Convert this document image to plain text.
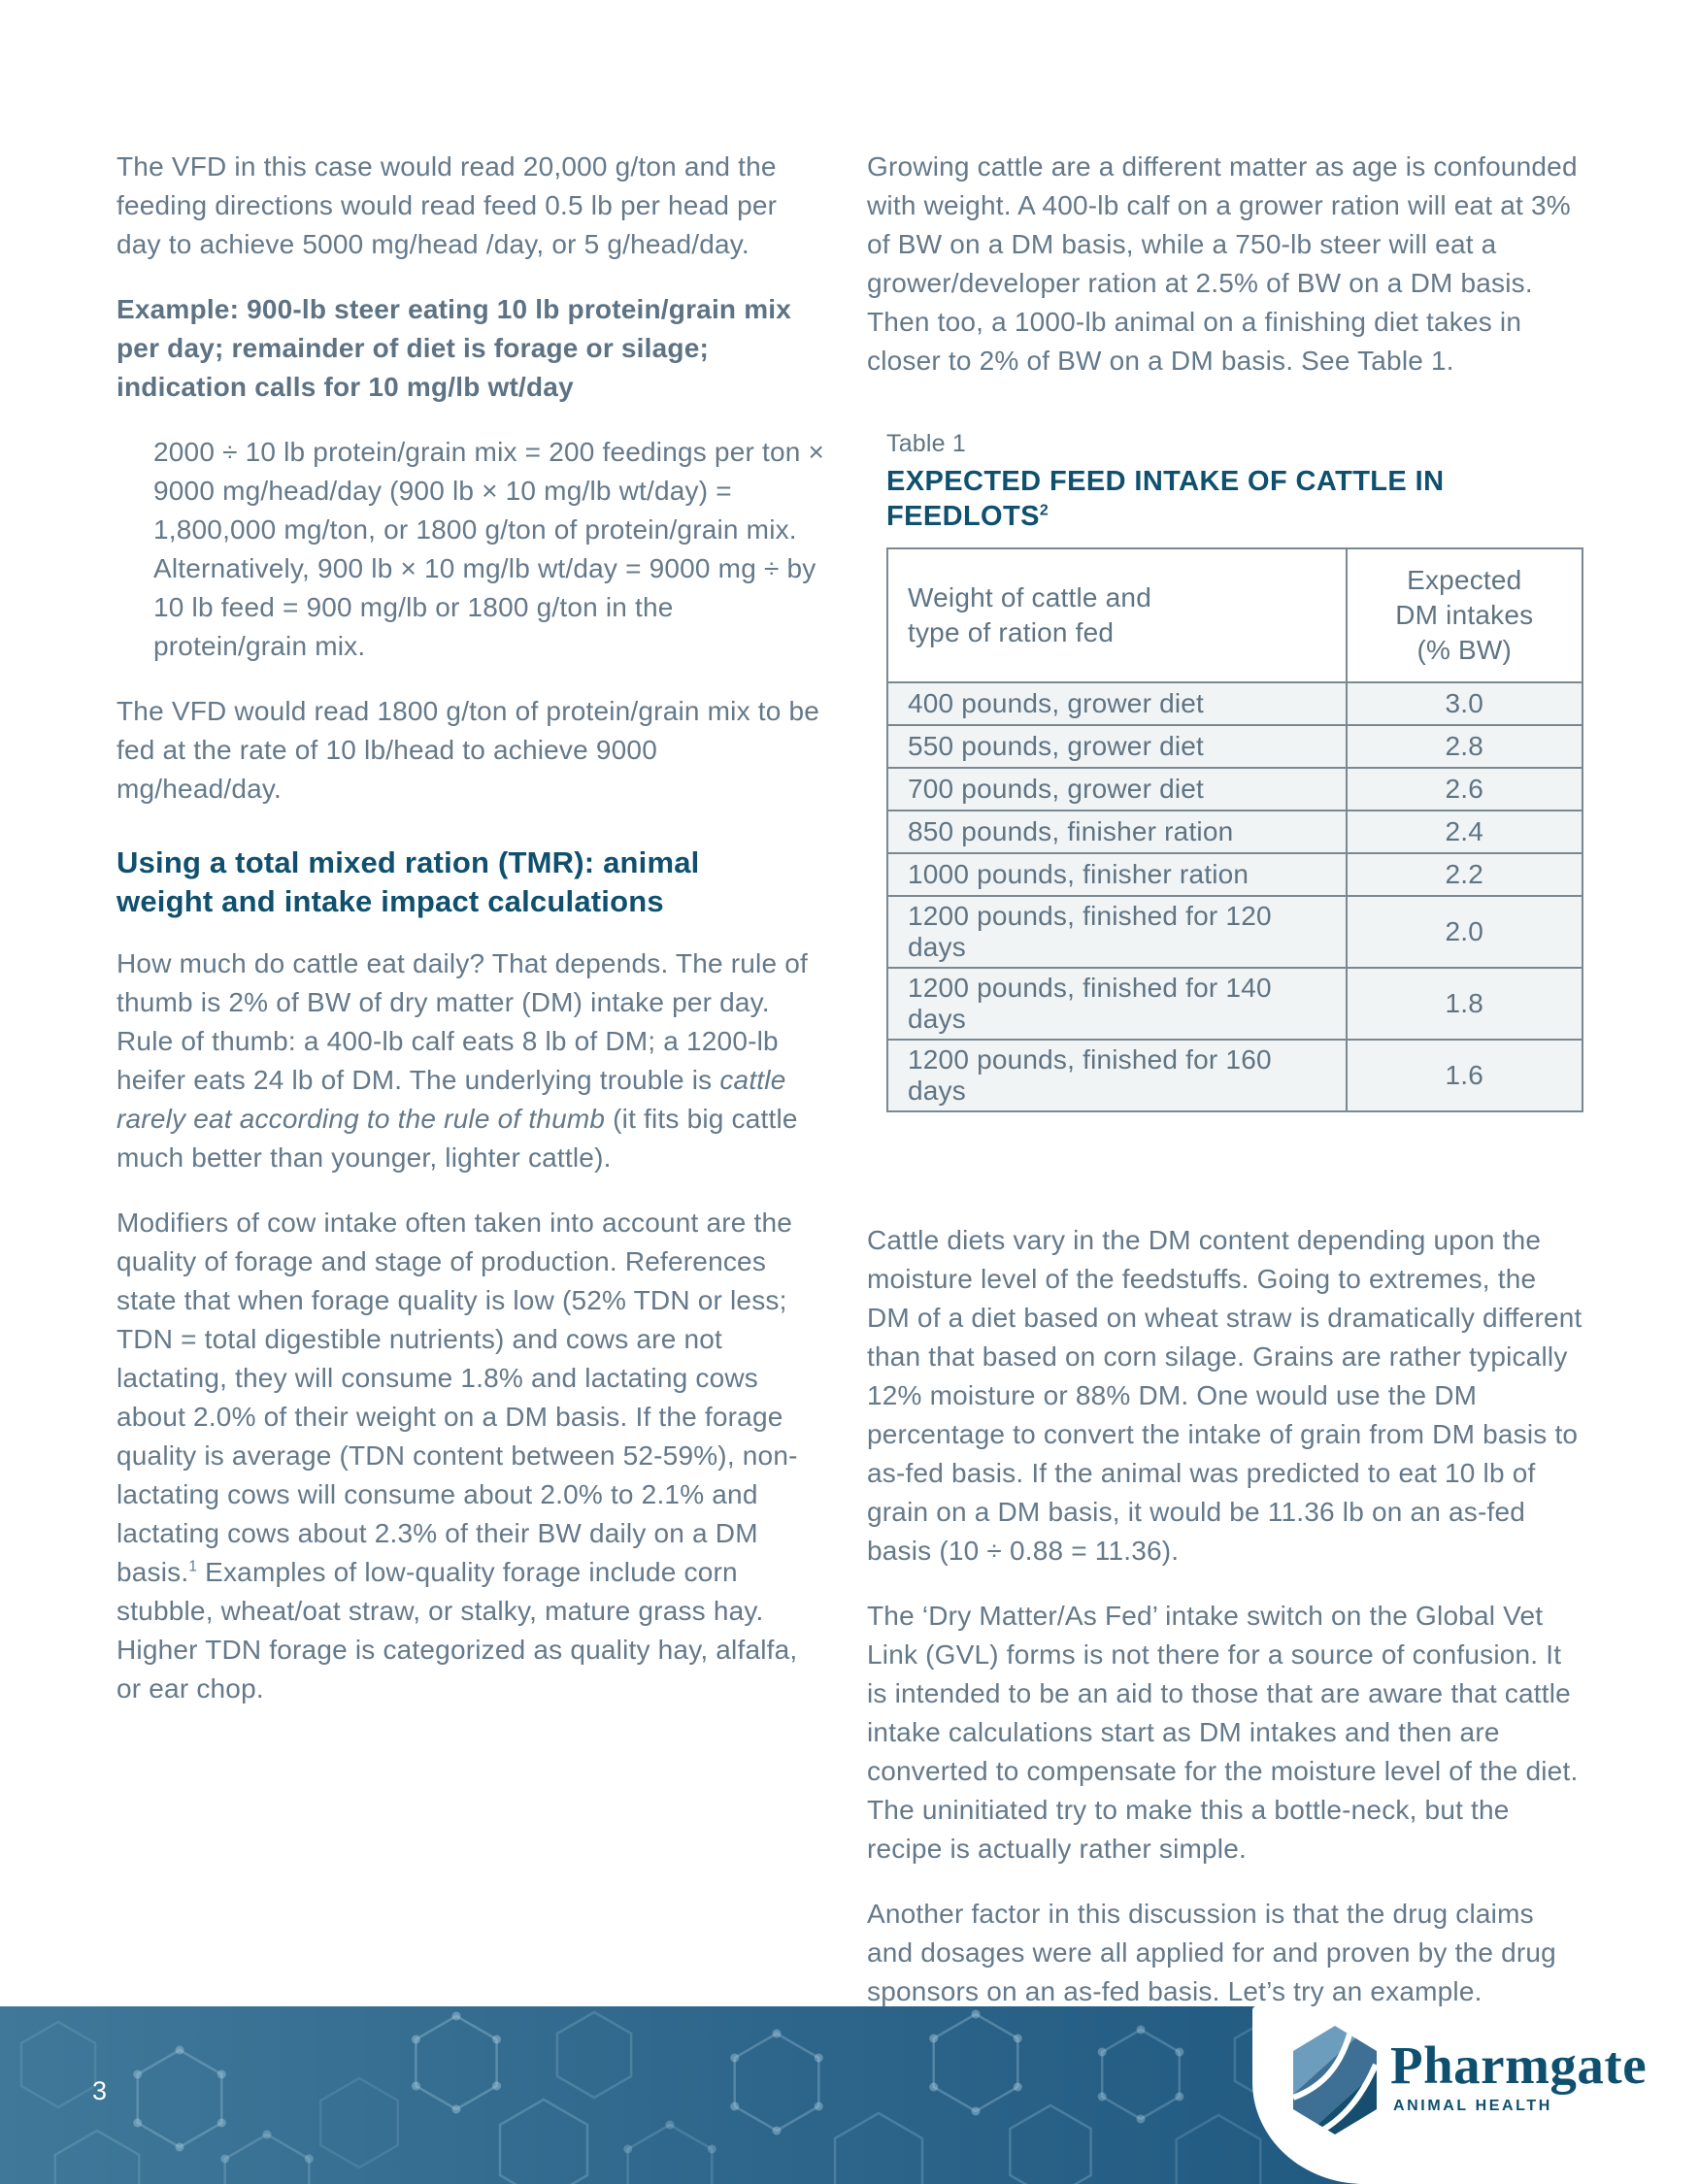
The VFD in this case would read 20,000 g/ton and the feeding directions would read feed 0.5 lb per head per day to achieve 5000 mg/head /day, or 5 g/head/day.

Example: 900-lb steer eating 10 lb protein/grain mix per day; remainder of diet is forage or silage; indication calls for 10 mg/lb wt/day

2000 ÷ 10 lb protein/grain mix = 200 feedings per ton × 9000 mg/head/day (900 lb × 10 mg/lb wt/day) = 1,800,000 mg/ton, or 1800 g/ton of protein/grain mix. Alternatively, 900 lb × 10 mg/lb wt/day = 9000 mg ÷ by 10 lb feed = 900 mg/lb or 1800 g/ton in the protein/grain mix.

The VFD would read 1800 g/ton of protein/grain mix to be fed at the rate of 10 lb/head to achieve 9000 mg/head/day.

Using a total mixed ration (TMR): animal
weight and intake impact calculations

How much do cattle eat daily? That depends. The rule of thumb is 2% of BW of dry matter (DM) intake per day. Rule of thumb: a 400-lb calf eats 8 lb of DM; a 1200-lb heifer eats 24 lb of DM. The underlying trouble is cattle rarely eat according to the rule of thumb (it fits big cattle much better than younger, lighter cattle).

Modifiers of cow intake often taken into account are the quality of forage and stage of production. References state that when forage quality is low (52% TDN or less; TDN = total digestible nutrients) and cows are not lactating, they will consume 1.8% and lactating cows about 2.0% of their weight on a DM basis. If the forage quality is average (TDN content between 52-59%), non-lactating cows will consume about 2.0% to 2.1% and lactating cows about 2.3% of their BW daily on a DM basis.$^1$ Examples of low-quality forage include corn stubble, wheat/oat straw, or stalky, mature grass hay. Higher TDN forage is categorized as quality hay, alfalfa, or ear chop.

Growing cattle are a different matter as age is confounded with weight. A 400-lb calf on a grower ration will eat at 3% of BW on a DM basis, while a 750-lb steer will eat a grower/developer ration at 2.5% of BW on a DM basis. Then too, a 1000-lb animal on a finishing diet takes in closer to 2% of BW on a DM basis. See Table 1.

Table 1
EXPECTED FEED INTAKE OF CATTLE IN FEEDLOTS$^2$
Weight of cattle and
type of ration fed	Expected
DM intakes
(% BW)

400 pounds, grower diet	3.0
550 pounds, grower diet	2.8
700 pounds, grower diet	2.6
850 pounds, finisher ration	2.4
1000 pounds, finisher ration	2.2
1200 pounds, finished for 120 days	2.0
1200 pounds, finished for 140 days	1.8
1200 pounds, finished for 160 days	1.6

Cattle diets vary in the DM content depending upon the moisture level of the feedstuffs. Going to extremes, the DM of a diet based on wheat straw is dramatically different than that based on corn silage. Grains are rather typically 12% moisture or 88% DM. One would use the DM percentage to convert the intake of grain from DM basis to as-fed basis. If the animal was predicted to eat 10 lb of grain on a DM basis, it would be 11.36 lb on an as-fed basis (10 ÷ 0.88 = 11.36).

The ‘Dry Matter/As Fed’ intake switch on the Global Vet Link (GVL) forms is not there for a source of confusion. It is intended to be an aid to those that are aware that cattle intake calculations start as DM intakes and then are converted to compensate for the moisture level of the diet. The uninitiated try to make this a bottle-neck, but the recipe is actually rather simple.

Another factor in this discussion is that the drug claims and dosages were all applied for and proven by the drug sponsors on an as-fed basis. Let’s try an example.

3	Pharmgate
ANIMAL HEALTH
